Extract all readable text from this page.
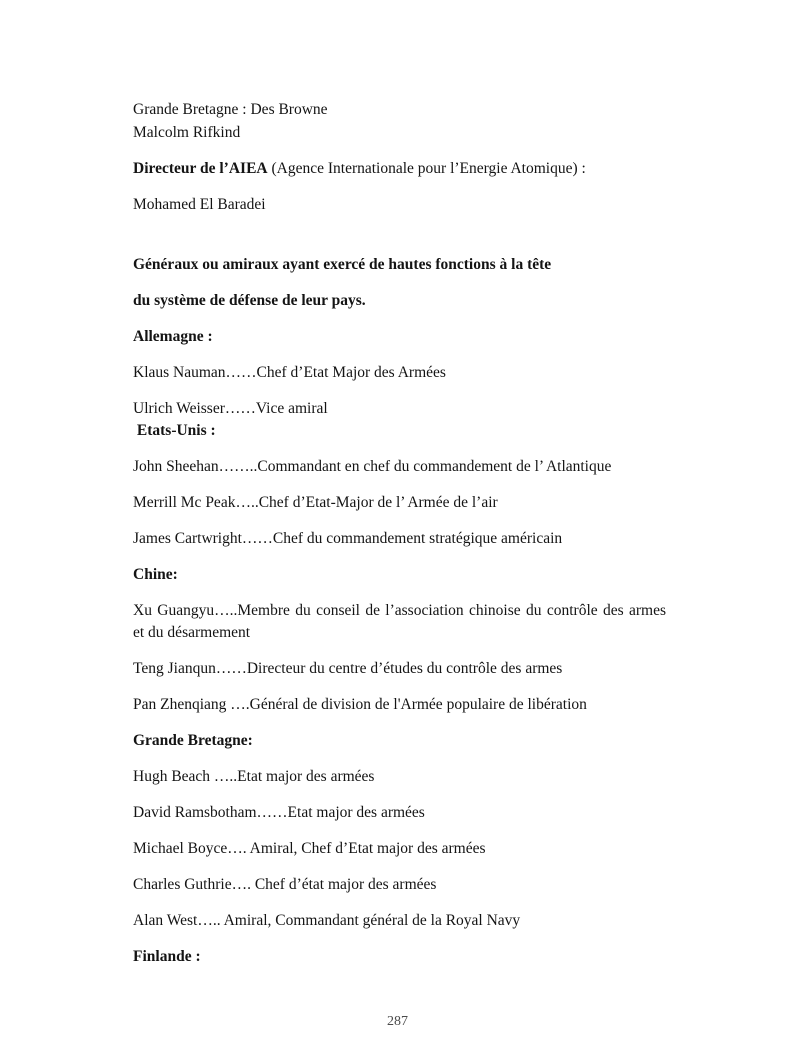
Grande Bretagne : Des Browne

Malcolm Rifkind

Directeur de l’AIEA (Agence Internationale pour l’Energie Atomique) :

Mohamed El Baradei

Généraux ou amiraux ayant exercé de hautes fonctions à la tête

du système de défense de leur pays.

Allemagne :

Klaus Nauman……Chef d’Etat Major des Armées

Ulrich Weisser……Vice amiral

Etats-Unis :

John Sheehan……..Commandant en chef du commandement de l’ Atlantique

Merrill Mc Peak…..Chef d’Etat-Major de l’ Armée de l’air

James Cartwright……Chef du commandement stratégique américain

Chine:

Xu Guangyu…..Membre du conseil de l’association chinoise du contrôle des armes et du désarmement

Teng Jianqun……Directeur du centre d’études du contrôle des armes

Pan Zhenqiang ….Général de division de l'Armée populaire de libération

Grande Bretagne:

Hugh Beach …..Etat major des armées

David Ramsbotham……Etat major des armées

Michael Boyce…. Amiral, Chef d’Etat major des armées

Charles Guthrie…. Chef d’état major des armées

Alan West….. Amiral, Commandant général de la Royal Navy

Finlande :

287
